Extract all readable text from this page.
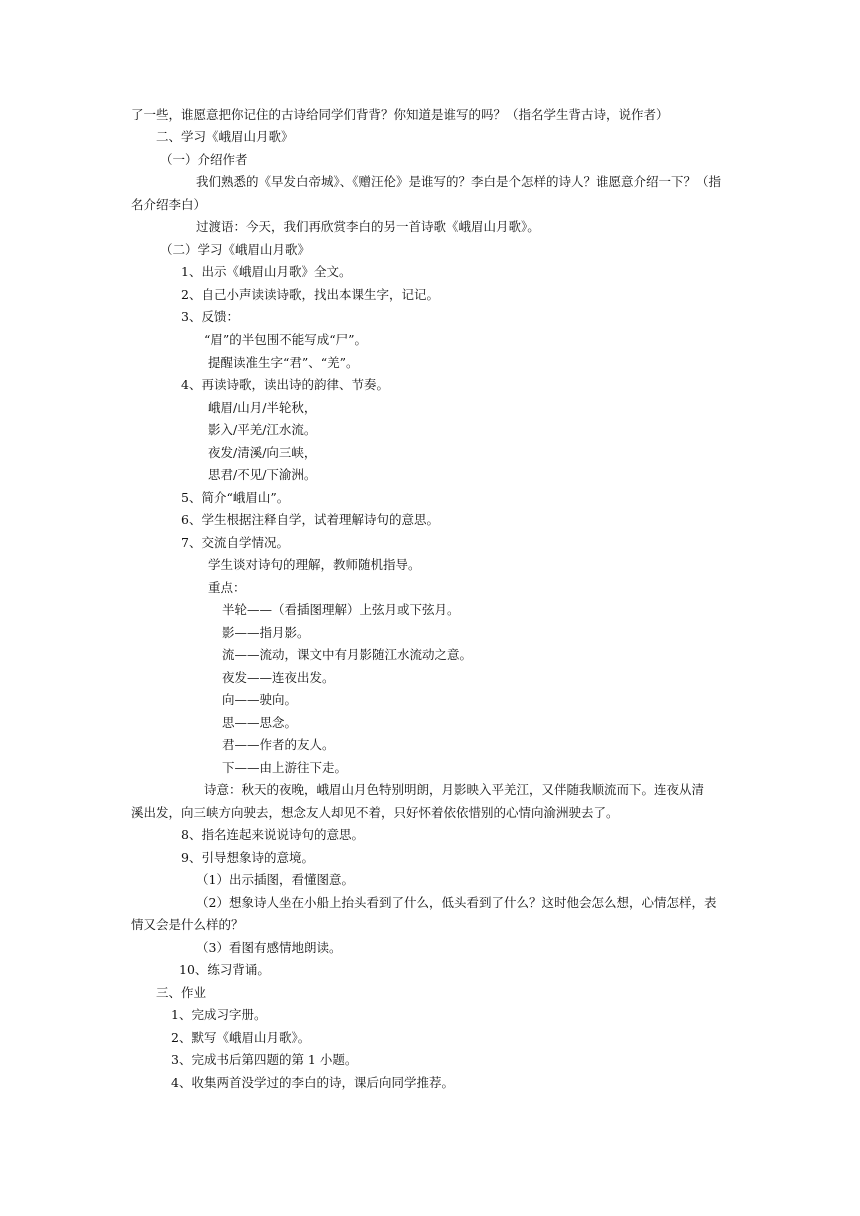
了一些，谁愿意把你记住的古诗给同学们背背？你知道是谁写的吗？（指名学生背古诗，说作者）

二、学习《峨眉山月歌》

（一）介绍作者

我们熟悉的《早发白帝城》、《赠汪伦》是谁写的？李白是个怎样的诗人？谁愿意介绍一下？（指

名介绍李白）

过渡语：今天，我们再欣赏李白的另一首诗歌《峨眉山月歌》。

（二）学习《峨眉山月歌》

1、出示《峨眉山月歌》全文。

2、自己小声读读诗歌，找出本课生字，记记。

3、反馈：

“眉”的半包围不能写成“尸”。

提醒读准生字“君”、“羌”。

4、再读诗歌，读出诗的韵律、节奏。

峨眉/山月/半轮秋，

影入/平羌/江水流。

夜发/清溪/向三峡，

思君/不见/下渝洲。

5、简介“峨眉山”。

6、学生根据注释自学，试着理解诗句的意思。

7、交流自学情况。

学生谈对诗句的理解，教师随机指导。

重点：

半轮——（看插图理解）上弦月或下弦月。

影——指月影。

流——流动，课文中有月影随江水流动之意。

夜发——连夜出发。

向——驶向。

思——思念。

君——作者的友人。

下——由上游往下走。

诗意：秋天的夜晚，峨眉山月色特别明朗，月影映入平羌江，又伴随我顺流而下。连夜从清

溪出发，向三峡方向驶去，想念友人却见不着，只好怀着依依惜别的心情向渝洲驶去了。

8、指名连起来说说诗句的意思。

9、引导想象诗的意境。

（1）出示插图，看懂图意。

（2）想象诗人坐在小船上抬头看到了什么，低头看到了什么？这时他会怎么想，心情怎样，表

情又会是什么样的？

（3）看图有感情地朗读。

10、练习背诵。

三、作业

1、完成习字册。

2、默写《峨眉山月歌》。

3、完成书后第四题的第 1 小题。

4、收集两首没学过的李白的诗，课后向同学推荐。
